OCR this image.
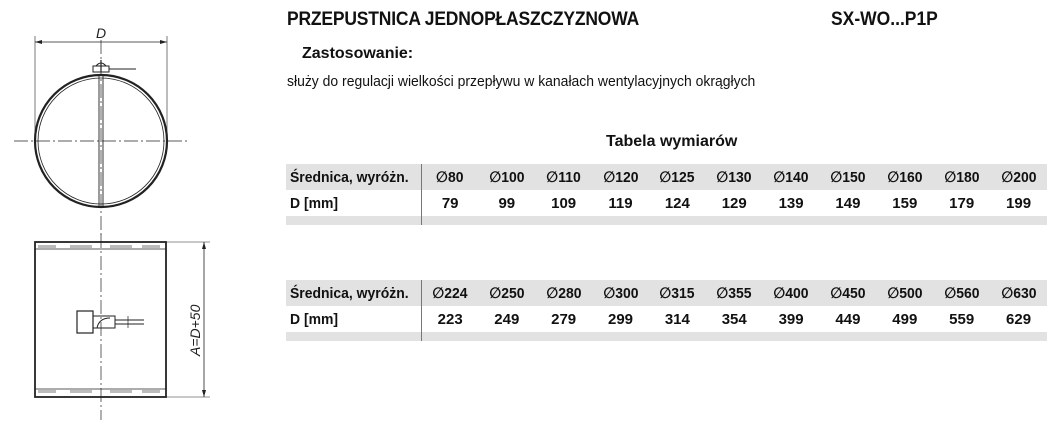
D
A=D+50
PRZEPUSTNICA JEDNOPŁASZCZYZNOWA	SX-WO...P1P
Zastosowanie:
służy do regulacji wielkości przepływu w kanałach wentylacyjnych okrągłych
Tabela wymiarów
Średnica, wyróżn.	∅80	∅100	∅110	∅120	∅125	∅130	∅140	∅150	∅160	∅180	∅200
D [mm]	79	99	109	119	124	129	139	149	159	179	199

Średnica, wyróżn.	∅224	∅250	∅280	∅300	∅315	∅355	∅400	∅450	∅500	∅560	∅630
D [mm]	223	249	279	299	314	354	399	449	499	559	629
